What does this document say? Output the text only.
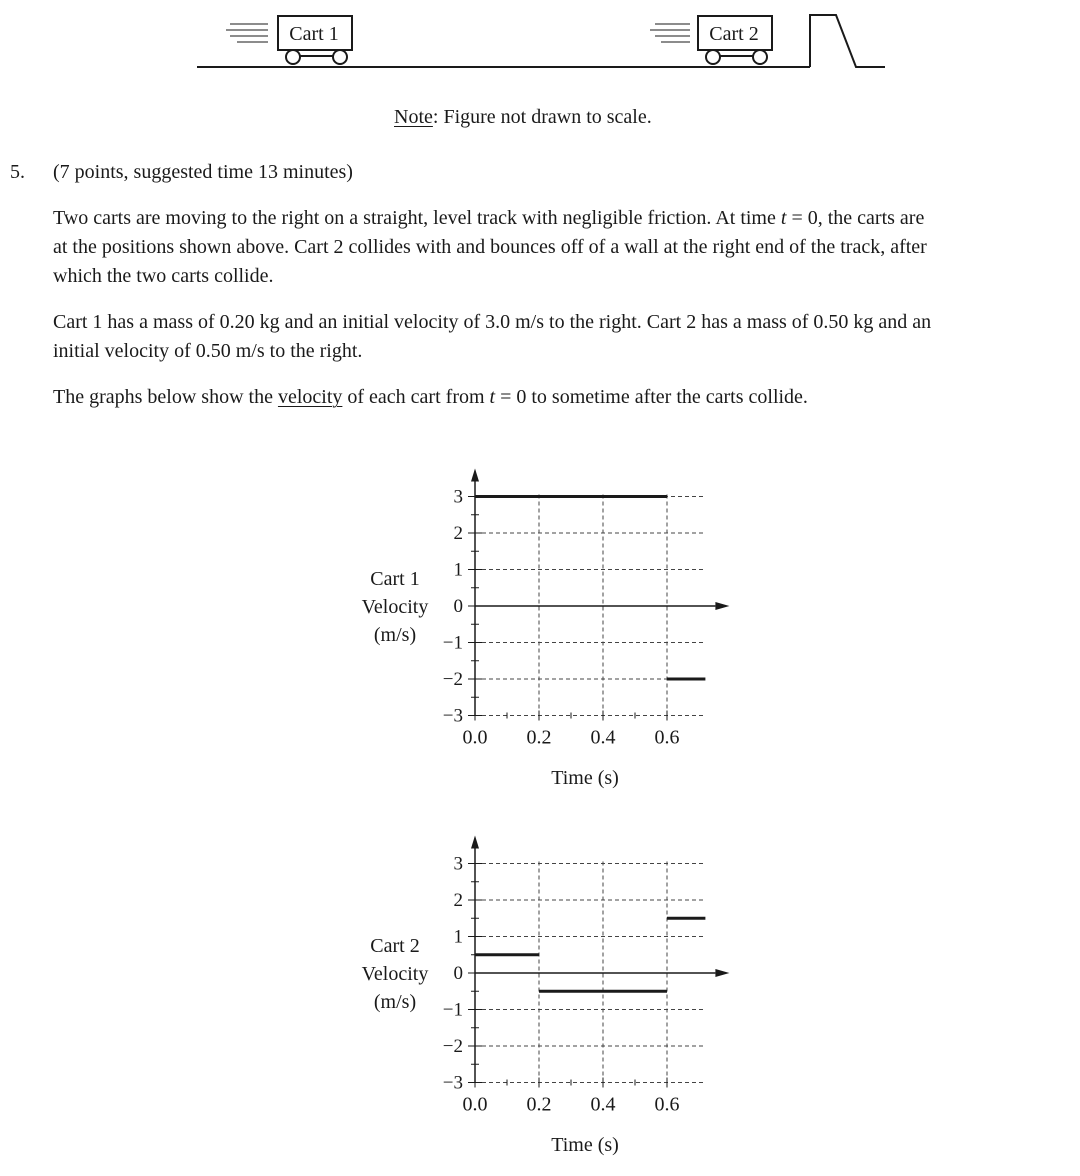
Cart 1	Cart 2
Note: Figure not drawn to scale.
5. (7 points, suggested time 13 minutes)
Two carts are moving to the right on a straight, level track with negligible friction. At time t = 0, the carts are
at the positions shown above. Cart 2 collides with and bounces off of a wall at the right end of the track, after
which the two carts collide.
Cart 1 has a mass of 0.20 kg and an initial velocity of 3.0 m/s to the right. Cart 2 has a mass of 0.50 kg and an
initial velocity of 0.50 m/s to the right.
The graphs below show the velocity of each cart from t = 0 to sometime after the carts collide.
3
2
1
0
−1
−2
−3
0.0 0.2 0.4 0.6
Cart 1
Velocity
(m/s)
Time (s)
3
2
1
0
−1
−2
−3
0.0 0.2 0.4 0.6
Cart 2
Velocity
(m/s)
Time (s)
